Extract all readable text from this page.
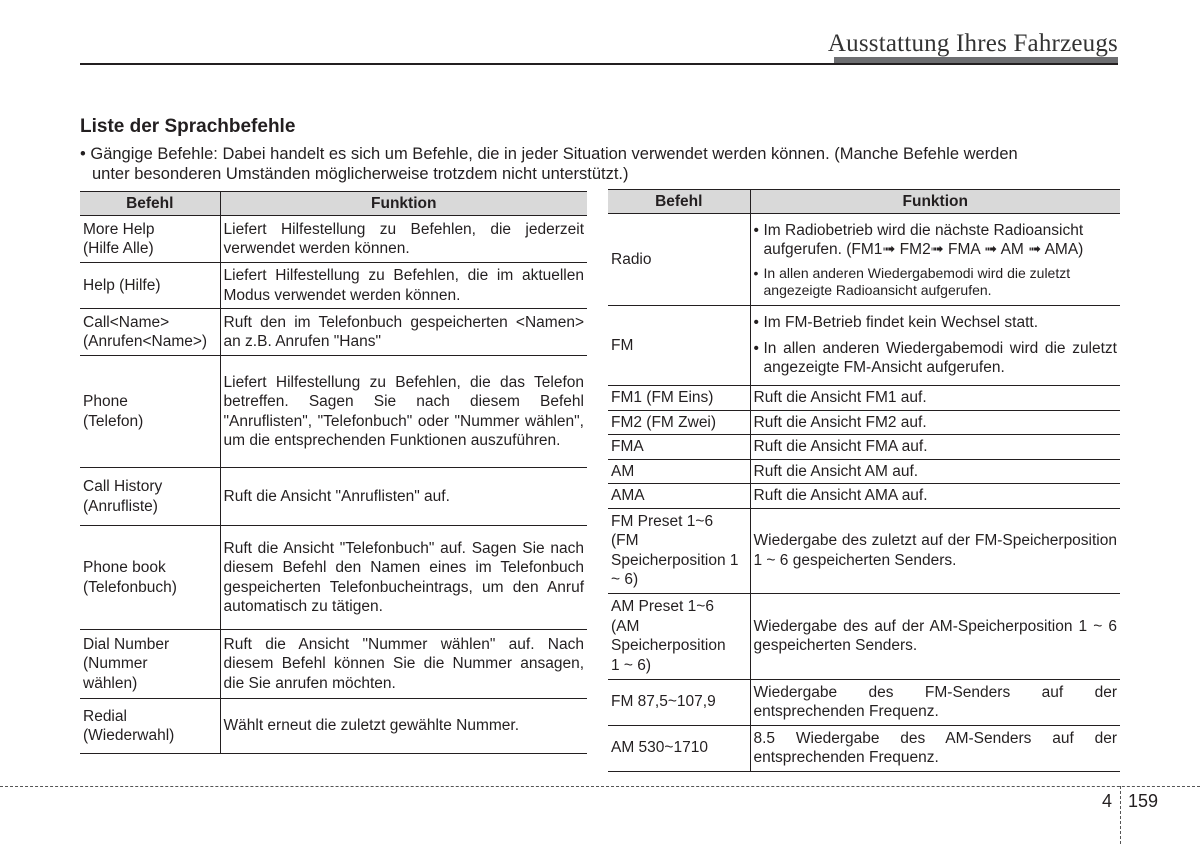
Ausstattung Ihres Fahrzeugs
Liste der Sprachbefehle
• Gängige Befehle: Dabei handelt es sich um Befehle, die in jeder Situation verwendet werden können. (Manche Befehle werden
unter besonderen Umständen möglicherweise trotzdem nicht unterstützt.)
Befehl	Funktion
More Help
(Hilfe Alle)	Liefert Hilfestellung zu Befehlen, die jederzeit verwendet werden können.
Help (Hilfe)	Liefert Hilfestellung zu Befehlen, die im aktuellen Modus verwendet werden können.
Call<Name>
(Anrufen<Name>)	Ruft den im Telefonbuch gespeicherten <Namen> an z.B. Anrufen "Hans"
Phone
(Telefon)	Liefert Hilfestellung zu Befehlen, die das Telefon betreffen. Sagen Sie nach diesem Befehl "Anruflisten", "Telefonbuch" oder "Nummer wählen", um die entsprechenden Funktionen auszuführen.
Call History
(Anrufliste)	Ruft die Ansicht "Anruflisten" auf.
Phone book
(Telefonbuch)	Ruft die Ansicht "Telefonbuch" auf. Sagen Sie nach diesem Befehl den Namen eines im Telefonbuch gespeicherten Telefonbucheintrags, um den Anruf automatisch zu tätigen.
Dial Number
(Nummer
wählen)	Ruft die Ansicht "Nummer wählen" auf. Nach diesem Befehl können Sie die Nummer ansagen, die Sie anrufen möchten.
Redial
(Wiederwahl)	Wählt erneut die zuletzt gewählte Nummer.
Befehl	Funktion
Radio	• Im Radiobetrieb wird die nächste Radioansicht aufgerufen. (FM1➟ FM2➟ FMA ➟ AM ➟ AMA)
• In allen anderen Wiedergabemodi wird die zuletzt angezeigte Radioansicht aufgerufen.

FM	• Im FM-Betrieb findet kein Wechsel statt.
• In allen anderen Wiedergabemodi wird die zuletzt angezeigte FM-Ansicht aufgerufen.

FM1 (FM Eins)	Ruft die Ansicht FM1 auf.
FM2 (FM Zwei)	Ruft die Ansicht FM2 auf.
FMA	Ruft die Ansicht FMA auf.
AM	Ruft die Ansicht AM auf.
AMA	Ruft die Ansicht AMA auf.
FM Preset 1~6
(FM
Speicherposition 1
~ 6)	Wiedergabe des zuletzt auf der FM-Speicherposition 1 ~ 6 gespeicherten Senders.
AM Preset 1~6
(AM
Speicherposition
1 ~ 6)	Wiedergabe des auf der AM-Speicherposition 1 ~ 6 gespeicherten Senders.
FM 87,5~107,9	Wiedergabe des FM-Senders auf der entsprechenden Frequenz.
AM 530~1710	8.5 Wiedergabe des AM-Senders auf der entsprechenden Frequenz.
4 159
